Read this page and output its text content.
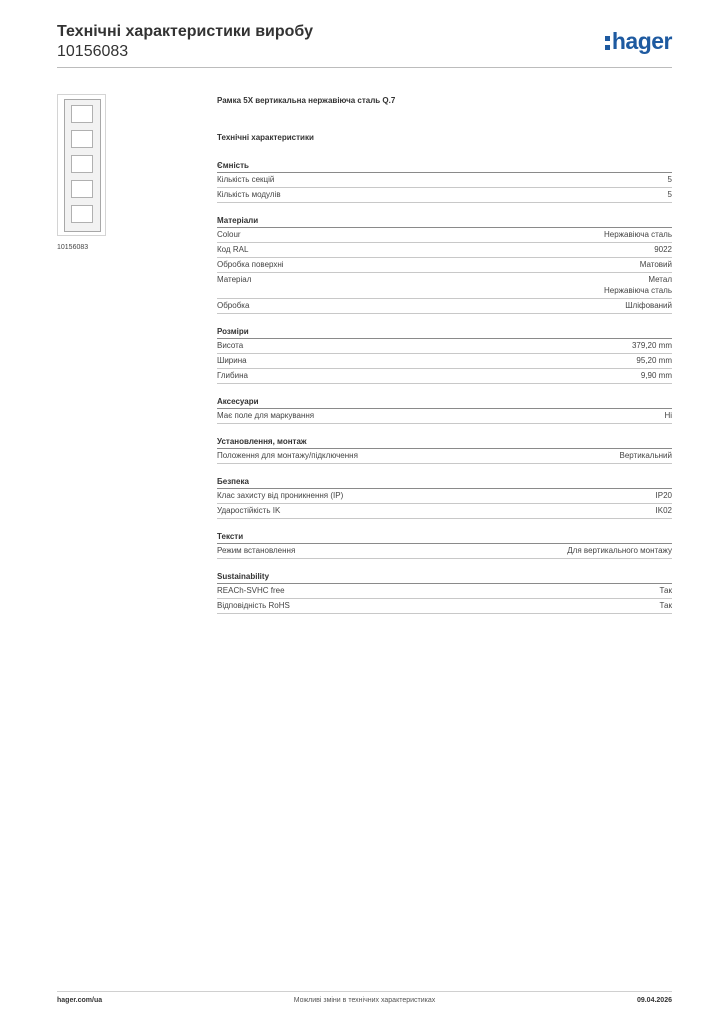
Технічні характеристики виробу
10156083	hager
10156083
Рамка 5X вертикальна нержавіюча сталь Q.7
Технічні характеристики
Ємність
Кількість секцій	5
Кількість модулів	5
Матеріали
Colour	Нержавіюча сталь
Код RAL	9022
Обробка поверхні	Матовий
Матеріал	Метал
Нержавіюча сталь
Обробка	Шліфований
Розміри
Висота	379,20 mm
Ширина	95,20 mm
Глибина	9,90 mm
Аксесуари
Має поле для маркування	Ні
Установлення, монтаж
Положення для монтажу/підключення	Вертикальний
Безпека
Клас захисту від проникнення (IP)	IP20
Ударостійкість IK	IK02
Тексти
Режим встановлення	Для вертикального монтажу
Sustainability
REACh-SVHC free	Так
Відповідність RoHS	Так
hager.com/ua	Можливі зміни в технічних характеристиках	09.04.2026
